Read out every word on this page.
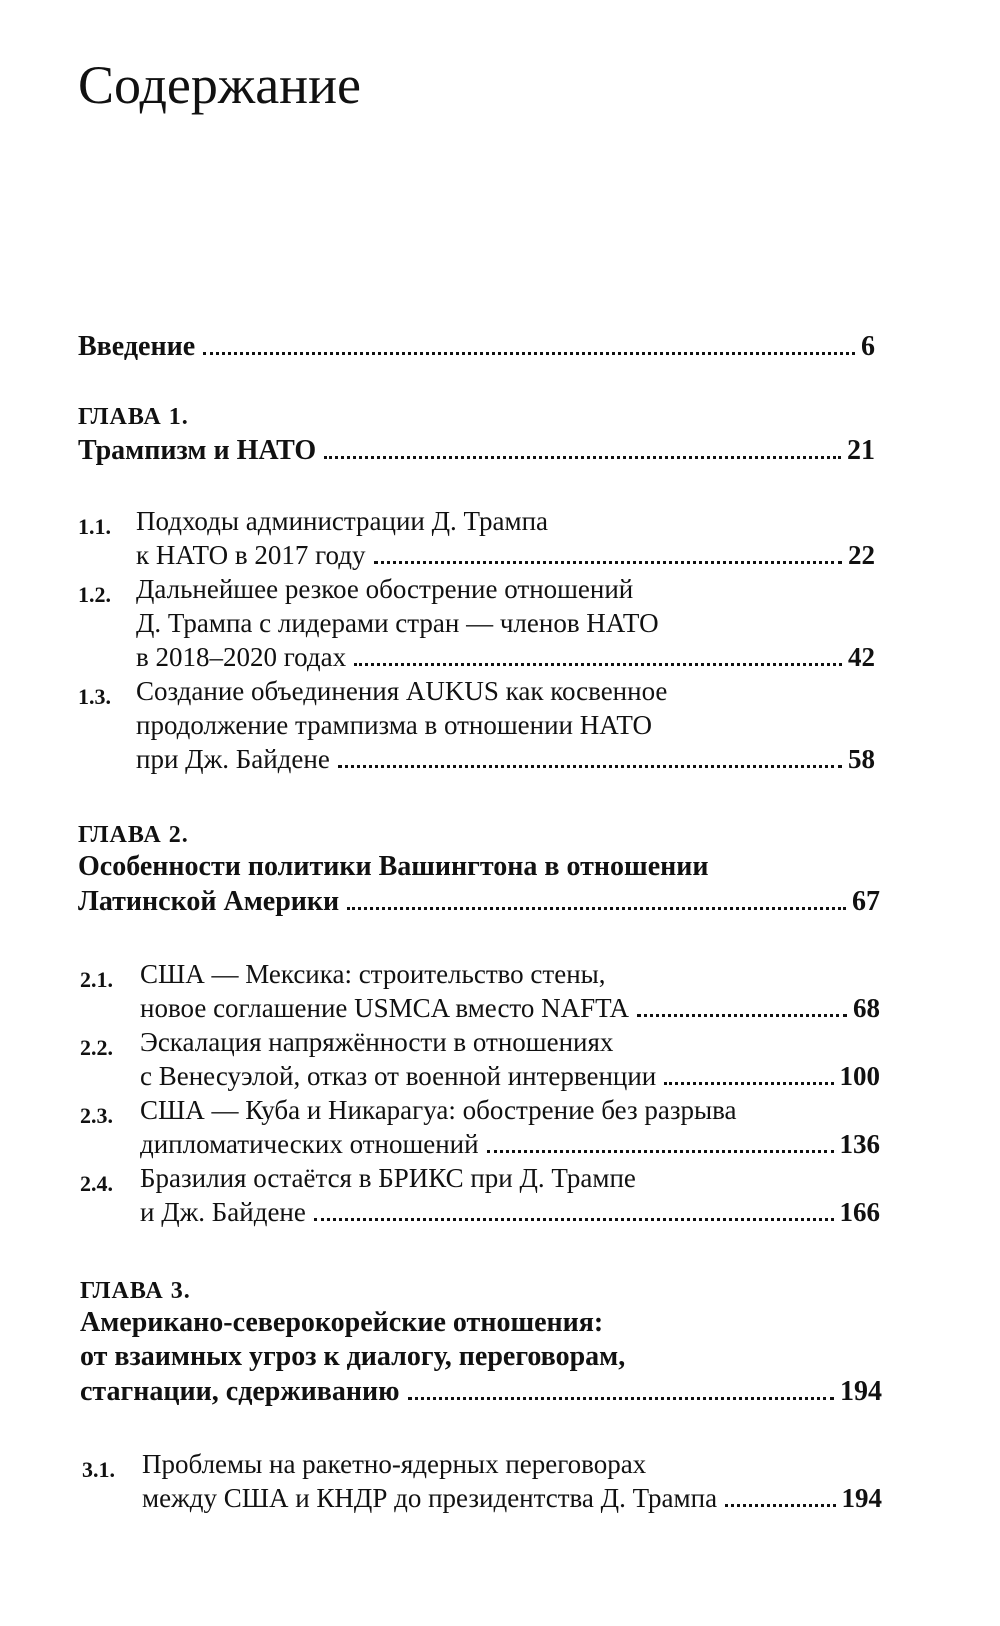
Содержание
Введение	6
ГЛАВА 1.
Трампизм и НАТО	21
1.1. Подходы администрации Д. Трампа
к НАТО в 2017 году	22
1.2. Дальнейшее резкое обострение отношений
Д. Трампа с лидерами стран — членов НАТО
в 2018–2020 годах	42
1.3. Создание объединения AUKUS как косвенное
продолжение трампизма в отношении НАТО
при Дж. Байдене	58
ГЛАВА 2.
Особенности политики Вашингтона в отношении
Латинской Америки	67
2.1. США — Мексика: строительство стены,
новое соглашение USMCA вместо NAFTA	68
2.2. Эскалация напряжённости в отношениях
с Венесуэлой, отказ от военной интервенции	100
2.3. США — Куба и Никарагуа: обострение без разрыва
дипломатических отношений	136
2.4. Бразилия остаётся в БРИКС при Д. Трампе
и Дж. Байдене	166
ГЛАВА 3.
Американо-северокорейские отношения:
от взаимных угроз к диалогу, переговорам,
стагнации, сдерживанию	194
3.1. Проблемы на ракетно-ядерных переговорах
между США и КНДР до президентства Д. Трампа	194
